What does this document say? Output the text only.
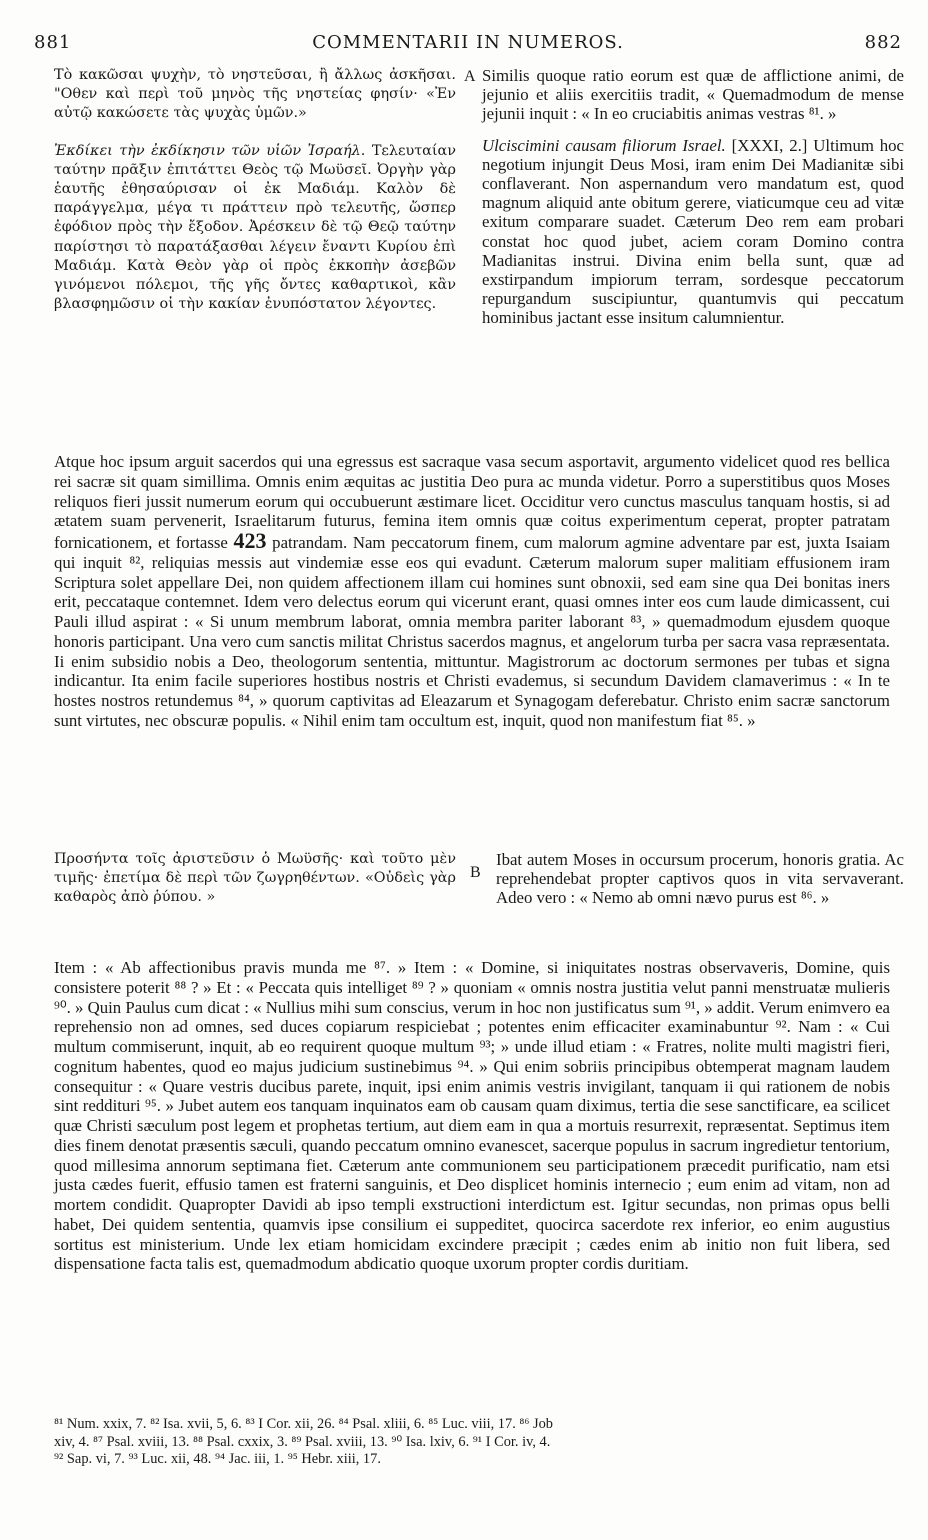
881	COMMENTARII IN NUMEROS.	882

Τὸ κακῶσαι ψυχὴν, τὸ νηστεῦσαι, ἢ ἄλλως ἀσκῆσαι. "Οθεν καὶ περὶ τοῦ μηνὸς τῆς νηστείας φησίν· «Ἐν αὐτῷ κακώσετε τὰς ψυχὰς ὑμῶν.»

Ἐκδίκει τὴν ἐκδίκησιν τῶν υἱῶν Ἰσραήλ. Τελευταίαν ταύτην πρᾶξιν ἐπιτάττει Θεὸς τῷ Μωϋσεῖ. Ὀργὴν γὰρ ἑαυτῆς ἐθησαύρισαν οἱ ἐκ Μαδιάμ. Καλὸν δὲ παράγγελμα, μέγα τι πράττειν πρὸ τελευτῆς, ὥσπερ ἐφόδιον πρὸς τὴν ἔξοδον. Ἀρέσκειν δὲ τῷ Θεῷ ταύτην παρίστησι τὸ παρατάξασθαι λέγειν ἔναντι Κυρίου ἐπὶ Μαδιάμ. Κατὰ Θεὸν γὰρ οἱ πρὸς ἐκκοπὴν ἀσεβῶν γινόμενοι πόλεμοι, τῆς γῆς ὄντες καθαρτικοὶ, κἂν βλασφημῶσιν οἱ τὴν κακίαν ἐνυπόστατον λέγοντες.

A Similis quoque ratio eorum est quæ de afflictione animi, de jejunio et aliis exercitiis tradit, « Quemadmodum de mense jejunii inquit : « In eo cruciabitis animas vestras ⁸¹. »

Ulciscimini causam filiorum Israel. [XXXI, 2.] Ultimum hoc negotium injungit Deus Mosi, iram enim Dei Madianitæ sibi conflaverant. Non aspernandum vero mandatum est, quod magnum aliquid ante obitum gerere, viaticumque ceu ad vitæ exitum comparare suadet. Cæterum Deo rem eam probari constat hoc quod jubet, aciem coram Domino contra Madianitas instrui. Divina enim bella sunt, quæ ad exstirpandum impiorum terram, sordesque peccatorum repurgandum suscipiuntur, quantumvis qui peccatum hominibus jactant esse insitum calumnientur.

Atque hoc ipsum arguit sacerdos qui una egressus est sacraque vasa secum asportavit, argumento videlicet quod res bellica rei sacræ sit quam simillima. Omnis enim æquitas ac justitia Deo pura ac munda videtur. Porro a superstitibus quos Moses reliquos fieri jussit numerum eorum qui occubuerunt æstimare licet. Occiditur vero cunctus masculus tanquam hostis, si ad ætatem suam pervenerit, Israelitarum futurus, femina item omnis quæ coitus experimentum ceperat, propter patratam fornicationem, et fortasse 423 patrandam. Nam peccatorum finem, cum malorum agmine adventare par est, juxta Isaiam qui inquit ⁸², reliquias messis aut vindemiæ esse eos qui evadunt. Cæterum malorum super malitiam effusionem iram Scriptura solet appellare Dei, non quidem affectionem illam cui homines sunt obnoxii, sed eam sine qua Dei bonitas iners erit, peccataque contemnet. Idem vero delectus eorum qui vicerunt erant, quasi omnes inter eos cum laude dimicassent, cui Pauli illud aspirat : « Si unum membrum laborat, omnia membra pariter laborant ⁸³, » quemadmodum ejusdem quoque honoris participant. Una vero cum sanctis militat Christus sacerdos magnus, et angelorum turba per sacra vasa repræsentata. Ii enim subsidio nobis a Deo, theologorum sententia, mittuntur. Magistrorum ac doctorum sermones per tubas et signa indicantur. Ita enim facile superiores hostibus nostris et Christi evademus, si secundum Davidem clamaverimus : « In te hostes nostros retundemus ⁸⁴, » quorum captivitas ad Eleazarum et Synagogam deferebatur. Christo enim sacræ sanctorum sunt virtutes, nec obscuræ populis. « Nihil enim tam occultum est, inquit, quod non manifestum fiat ⁸⁵. »

Προσήντα τοῖς ἀριστεῦσιν ὁ Μωϋσῆς· καὶ τοῦτο μὲν τιμῆς· ἐπετίμα δὲ περὶ τῶν ζωγρηθέντων. «Οὐδεὶς γὰρ καθαρὸς ἀπὸ ῥύπου. »

B

Ibat autem Moses in occursum procerum, honoris gratia. Ac reprehendebat propter captivos quos in vita servaverant. Adeo vero : « Nemo ab omni nævo purus est ⁸⁶. »

Item : « Ab affectionibus pravis munda me ⁸⁷. » Item : « Domine, si iniquitates nostras observaveris, Domine, quis consistere poterit ⁸⁸ ? » Et : « Peccata quis intelliget ⁸⁹ ? » quoniam « omnis nostra justitia velut panni menstruatæ mulieris ⁹⁰. » Quin Paulus cum dicat : « Nullius mihi sum conscius, verum in hoc non justificatus sum ⁹¹, » addit. Verum enimvero ea reprehensio non ad omnes, sed duces copiarum respiciebat ; potentes enim efficaciter examinabuntur ⁹². Nam : « Cui multum commiserunt, inquit, ab eo requirent quoque multum ⁹³; » unde illud etiam : « Fratres, nolite multi magistri fieri, cognitum habentes, quod eo majus judicium sustinebimus ⁹⁴. » Qui enim sobriis principibus obtemperat magnam laudem consequitur : « Quare vestris ducibus parete, inquit, ipsi enim animis vestris invigilant, tanquam ii qui rationem de nobis sint reddituri ⁹⁵. » Jubet autem eos tanquam inquinatos eam ob causam quam diximus, tertia die sese sanctificare, ea scilicet quæ Christi sæculum post legem et prophetas tertium, aut diem eam in qua a mortuis resurrexit, repræsentat. Septimus item dies finem denotat præsentis sæculi, quando peccatum omnino evanescet, sacerque populus in sacrum ingredietur tentorium, quod millesima annorum septimana fiet. Cæterum ante communionem seu participationem præcedit purificatio, nam etsi justa cædes fuerit, effusio tamen est fraterni sanguinis, et Deo displicet hominis internecio ; eum enim ad vitam, non ad mortem condidit. Quapropter Davidi ab ipso templi exstructioni interdictum est. Igitur secundas, non primas opus belli habet, Dei quidem sententia, quamvis ipse consilium ei suppeditet, quocirca sacerdote rex inferior, eo enim augustius sortitus est ministerium. Unde lex etiam homicidam excindere præcipit ; cædes enim ab initio non fuit libera, sed dispensatione facta talis est, quemadmodum abdicatio quoque uxorum propter cordis duritiam.

⁸¹ Num. xxix, 7. ⁸² Isa. xvii, 5, 6. ⁸³ I Cor. xii, 26. ⁸⁴ Psal. xliii, 6. ⁸⁵ Luc. viii, 17. ⁸⁶ Job
xiv, 4. ⁸⁷ Psal. xviii, 13. ⁸⁸ Psal. cxxix, 3. ⁸⁹ Psal. xviii, 13. ⁹⁰ Isa. lxiv, 6. ⁹¹ I Cor. iv, 4.
⁹² Sap. vi, 7. ⁹³ Luc. xii, 48. ⁹⁴ Jac. iii, 1. ⁹⁵ Hebr. xiii, 17.
